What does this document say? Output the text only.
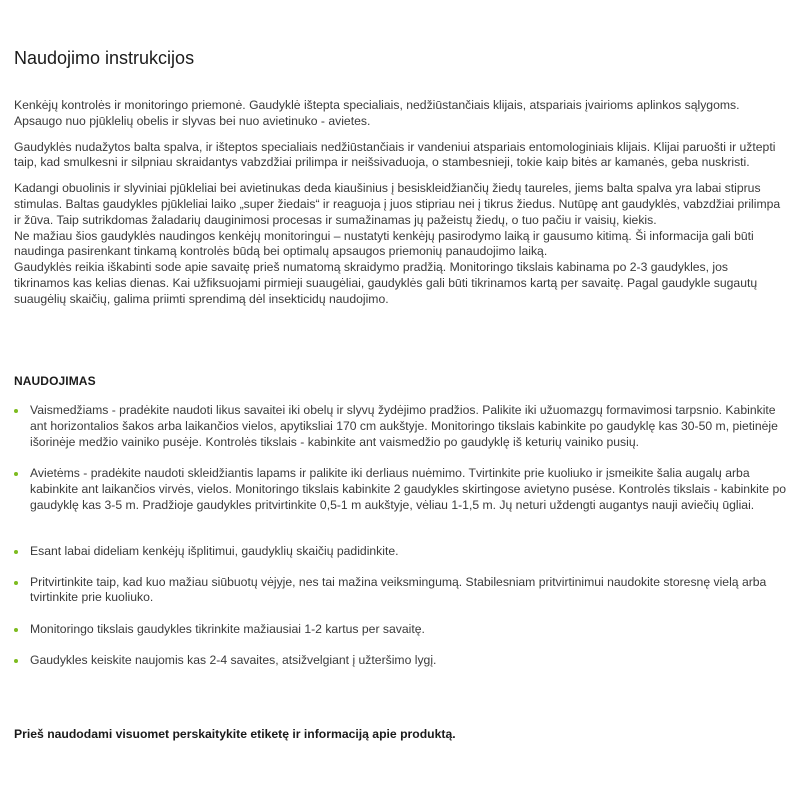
Naudojimo instrukcijos

Kenkėjų kontrolės ir monitoringo priemonė. Gaudyklė ištepta specialiais, nedžiūstančiais klijais, atspariais įvairioms aplinkos sąlygoms. Apsaugo nuo pjūklelių obelis ir slyvas bei nuo avietinuko - avietes.

Gaudyklės nudažytos balta spalva, ir išteptos specialiais nedžiūstančiais ir vandeniui atspariais entomologiniais klijais. Klijai paruošti ir užtepti taip, kad smulkesni ir silpniau skraidantys vabzdžiai prilimpa ir neišsivaduoja, o stambesnieji, tokie kaip bitės ar kamanės, geba nuskristi.

Kadangi obuolinis ir slyviniai pjūkleliai bei avietinukas deda kiaušinius į besiskleidžiančių žiedų taureles, jiems balta spalva yra labai stiprus stimulas. Baltas gaudykles pjūkleliai laiko „super žiedais“ ir reaguoja į juos stipriau nei į tikrus žiedus. Nutūpę ant gaudyklės, vabzdžiai prilimpa ir žūva. Taip sutrikdomas žaladarių dauginimosi procesas ir sumažinamas jų pažeistų žiedų, o tuo pačiu ir vaisių, kiekis.

Ne mažiau šios gaudyklės naudingos kenkėjų monitoringui – nustatyti kenkėjų pasirodymo laiką ir gausumo kitimą. Ši informacija gali būti naudinga pasirenkant tinkamą kontrolės būdą bei optimalų apsaugos priemonių panaudojimo laiką.

Gaudyklės reikia iškabinti sode apie savaitę prieš numatomą skraidymo pradžią. Monitoringo tikslais kabinama po 2-3 gaudykles, jos tikrinamos kas kelias dienas. Kai užfiksuojami pirmieji suaugėliai, gaudyklės gali būti tikrinamos kartą per savaitę. Pagal gaudykle sugautų suaugėlių skaičių, galima priimti sprendimą dėl insekticidų naudojimo.

NAUDOJIMAS
Vaismedžiams - pradėkite naudoti likus savaitei iki obelų ir slyvų žydėjimo pradžios. Palikite iki užuomazgų formavimosi tarpsnio. Kabinkite ant horizontalios šakos arba laikančios vielos, apytiksliai 170 cm aukštyje. Monitoringo tikslais kabinkite po gaudyklę kas 30-50 m, pietinėje išorinėje medžio vainiko pusėje. Kontrolės tikslais - kabinkite ant vaismedžio po gaudyklę iš keturių vainiko pusių.
Avietėms - pradėkite naudoti skleidžiantis lapams ir palikite iki derliaus nuėmimo. Tvirtinkite prie kuoliuko ir įsmeikite šalia augalų arba kabinkite ant laikančios virvės, vielos. Monitoringo tikslais kabinkite 2 gaudykles skirtingose avietyno pusėse. Kontrolės tikslais - kabinkite po gaudyklę kas 3-5 m. Pradžioje gaudykles pritvirtinkite 0,5-1 m aukštyje, vėliau 1-1,5 m. Jų neturi uždengti augantys nauji aviečių ūgliai.
Esant labai dideliam kenkėjų išplitimui, gaudyklių skaičių padidinkite.
Pritvirtinkite taip, kad kuo mažiau siūbuotų vėjyje, nes tai mažina veiksmingumą. Stabilesniam pritvirtinimui naudokite storesnę vielą arba tvirtinkite prie kuoliuko.
Monitoringo tikslais gaudykles tikrinkite mažiausiai 1-2 kartus per savaitę.
Gaudykles keiskite naujomis kas 2-4 savaites, atsižvelgiant į užteršimo lygį.

Prieš naudodami visuomet perskaitykite etiketę ir informaciją apie produktą.
